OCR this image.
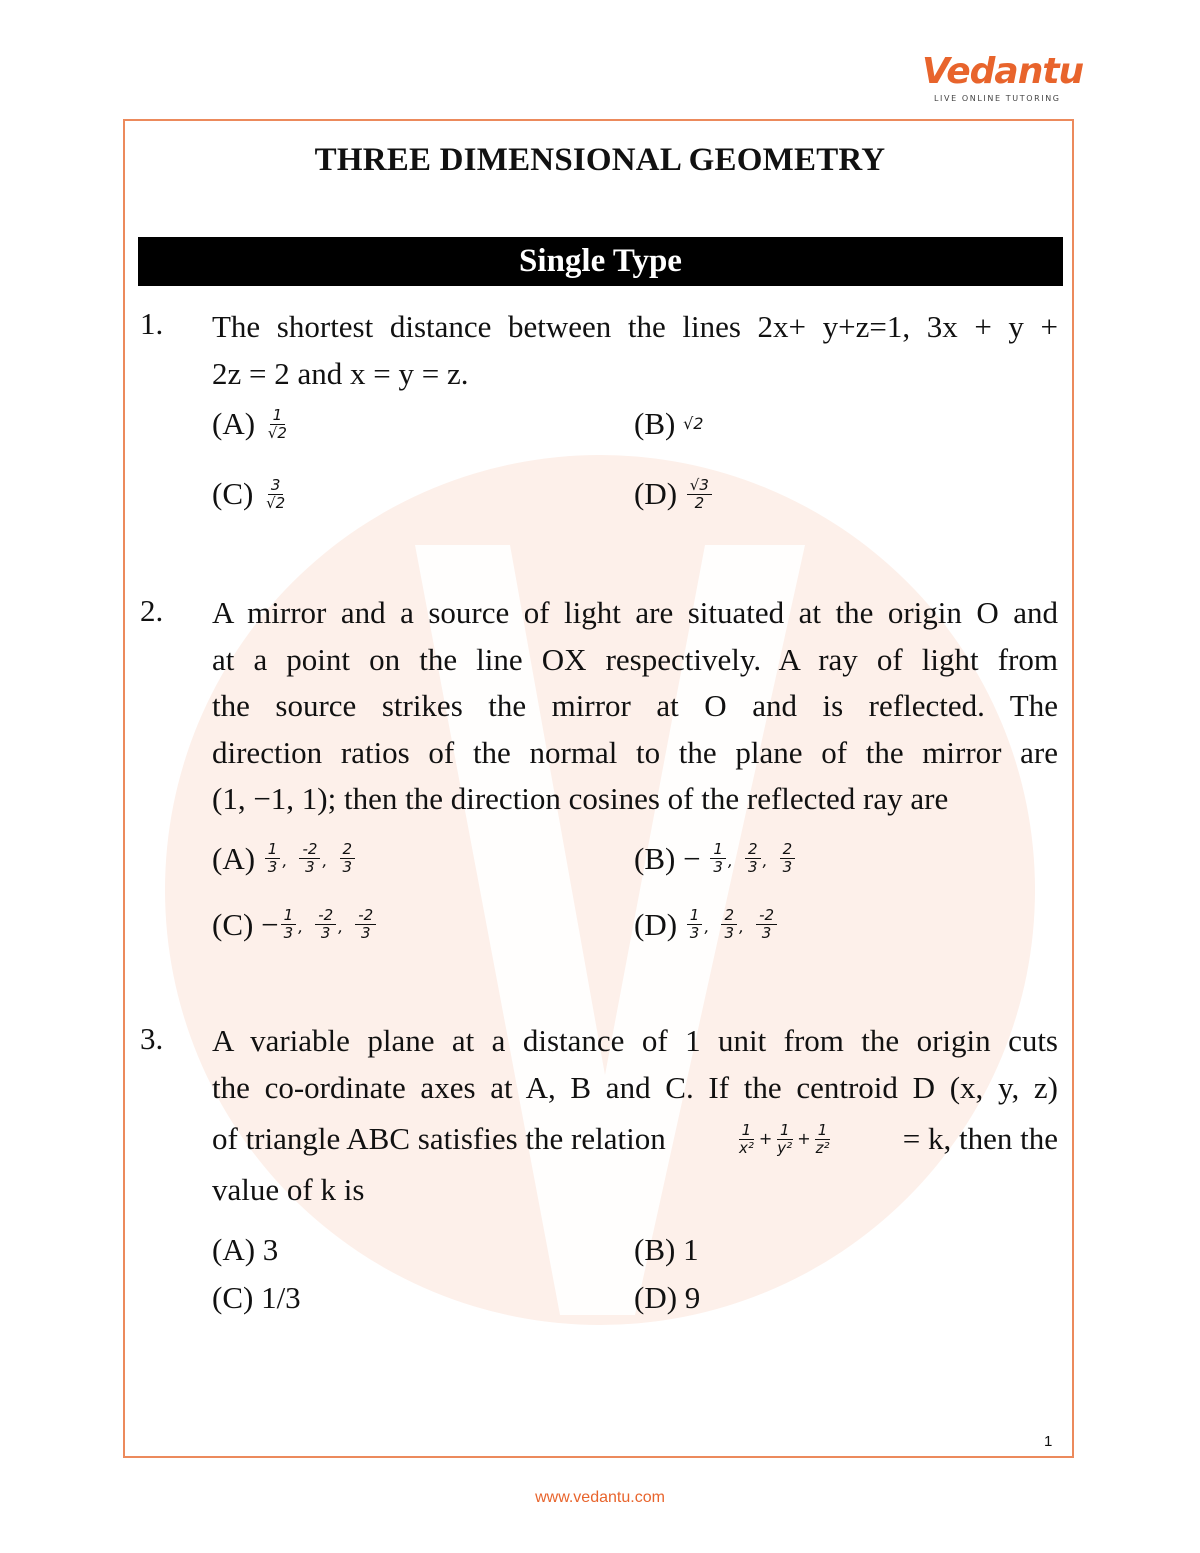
Vedantu
LIVE ONLINE TUTORING
THREE DIMENSIONAL GEOMETRY
Single Type
1. The shortest distance between the lines 2x+ y+z=1, 3x + y +
2z = 2 and x = y = z.
(A)
$\frac{1}{√2}$	(B)
√2
(C)
$\frac{3}{√2}$	(D)
$\frac{√3}{2}$
2. A mirror and a source of light are situated at the origin O and
at a point on the line OX respectively. A ray of light from
the source strikes the mirror at O and is reflected. The
direction ratios of the normal to the plane of the mirror are
(1, −1, 1); then the direction cosines of the reflected ray are
(A)
$\frac{1}{3}$ , $\frac{-2}{3}$ , $\frac{2}{3}$	(B) −
$\frac{1}{3}$ , $\frac{2}{3}$ , $\frac{2}{3}$
$(C) - \frac{1}{3}$ , $\frac{-2}{3}$ , $\frac{-2}{3}$	(D)
$\frac{1}{3}$ , $\frac{2}{3}$ , $\frac{-2}{3}$
3. A variable plane at a distance of 1 unit from the origin cuts
the co-ordinate axes at A, B and C. If the centroid D (x, y, z)
of triangle ABC satisfies the relation	$\frac{1}{\text{x²}} + \frac{1}{\text{y²}} + \frac{1}{\text{z²}} = k$, then the
value of k is
(A) 3	(B) 1
(C) 1/3	(D) 9
1
www.vedantu.com
